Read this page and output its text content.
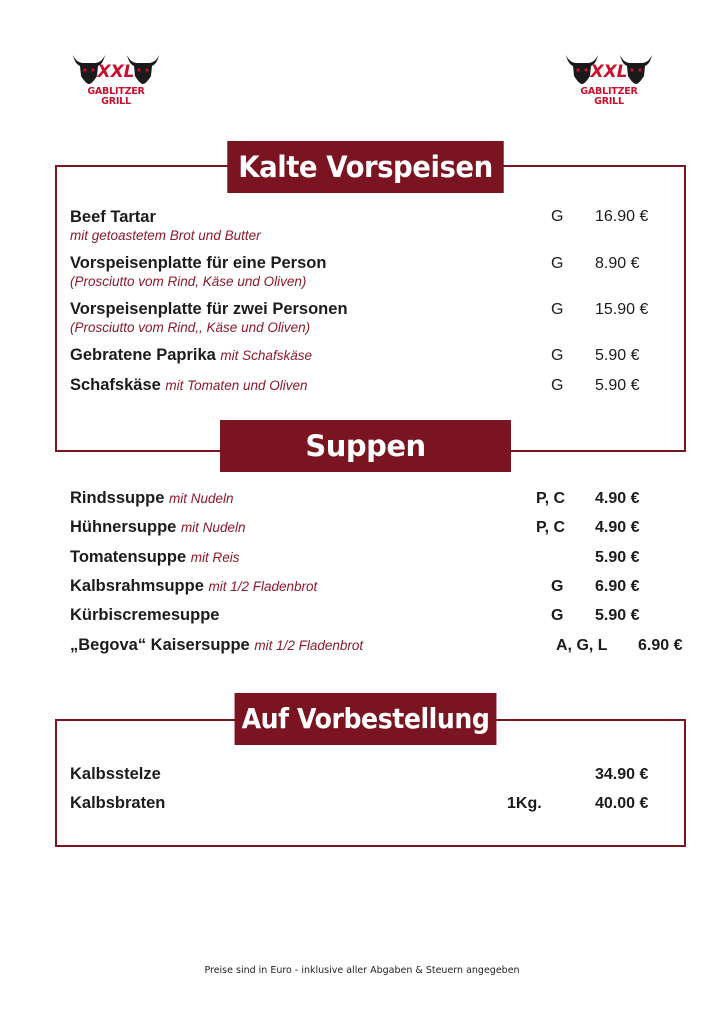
XXL
GABLITZER
GRILL
XXL
GABLITZER
GRILL
Kalte Vorspeisen
Suppen
Auf Vorbestellung
Beef Tartar
mit getoastetem Brot und Butter
G 16.90 €
Vorspeisenplatte für eine Person
(Prosciutto vom Rind, Käse und Oliven)
G 8.90 €
Vorspeisenplatte für zwei Personen
(Prosciutto vom Rind,, Käse und Oliven)
G 15.90 €
Gebratene Paprika mit Schafskäse	G 5.90 €
Schafskäse mit Tomaten und Oliven	G 5.90 €
Rindssuppe mit Nudeln	P, C 4.90 €
Hühnersuppe mit Nudeln	P, C 4.90 €
Tomatensuppe mit Reis	5.90 €
Kalbsrahmsuppe mit 1/2 Fladenbrot	G 6.90 €
Kürbiscremesuppe	G 5.90 €
„Begova“ Kaisersuppe mit 1/2 Fladenbrot	A, G, L 6.90 €
Kalbsstelze	34.90 €
Kalbsbraten	1Kg.	40.00 €
Preise sind in Euro - inklusive aller Abgaben & Steuern angegeben
